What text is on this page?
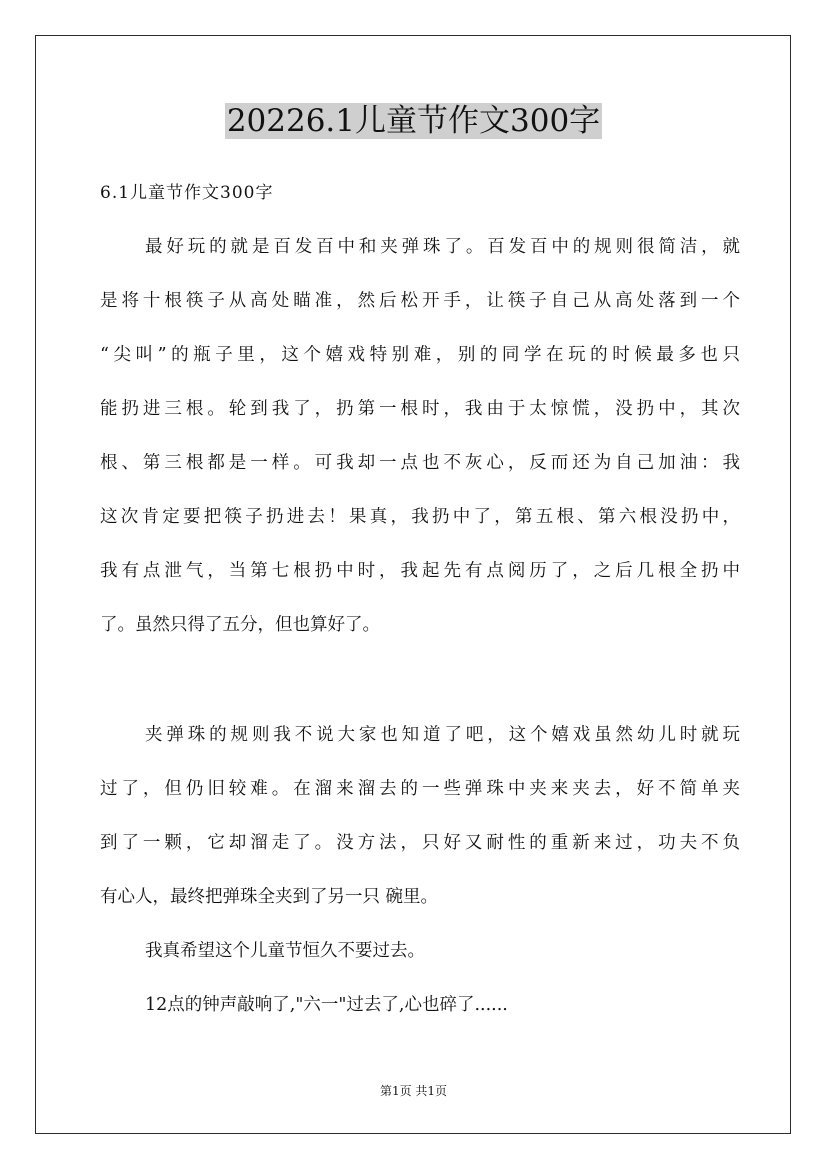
20226.1儿童节作文300字
6.1儿童节作文300字
最好玩的就是百发百中和夹弹珠了。百发百中的规则很简洁，就
是将十根筷子从高处瞄准，然后松开手，让筷子自己从高处落到一个
“尖叫”的瓶子里，这个嬉戏特别难，别的同学在玩的时候最多也只
能扔进三根。轮到我了，扔第一根时，我由于太惊慌，没扔中，其次
根、第三根都是一样。可我却一点也不灰心，反而还为自己加油：我
这次肯定要把筷子扔进去！果真，我扔中了，第五根、第六根没扔中，
我有点泄气，当第七根扔中时，我起先有点阅历了，之后几根全扔中
了。虽然只得了五分，但也算好了。
夹弹珠的规则我不说大家也知道了吧，这个嬉戏虽然幼儿时就玩
过了，但仍旧较难。在溜来溜去的一些弹珠中夹来夹去，好不简单夹
到了一颗，它却溜走了。没方法，只好又耐性的重新来过，功夫不负
有心人，最终把弹珠全夹到了另一只 碗里。
我真希望这个儿童节恒久不要过去。
12点的钟声敲响了,"六一"过去了,心也碎了......
第1页 共1页
